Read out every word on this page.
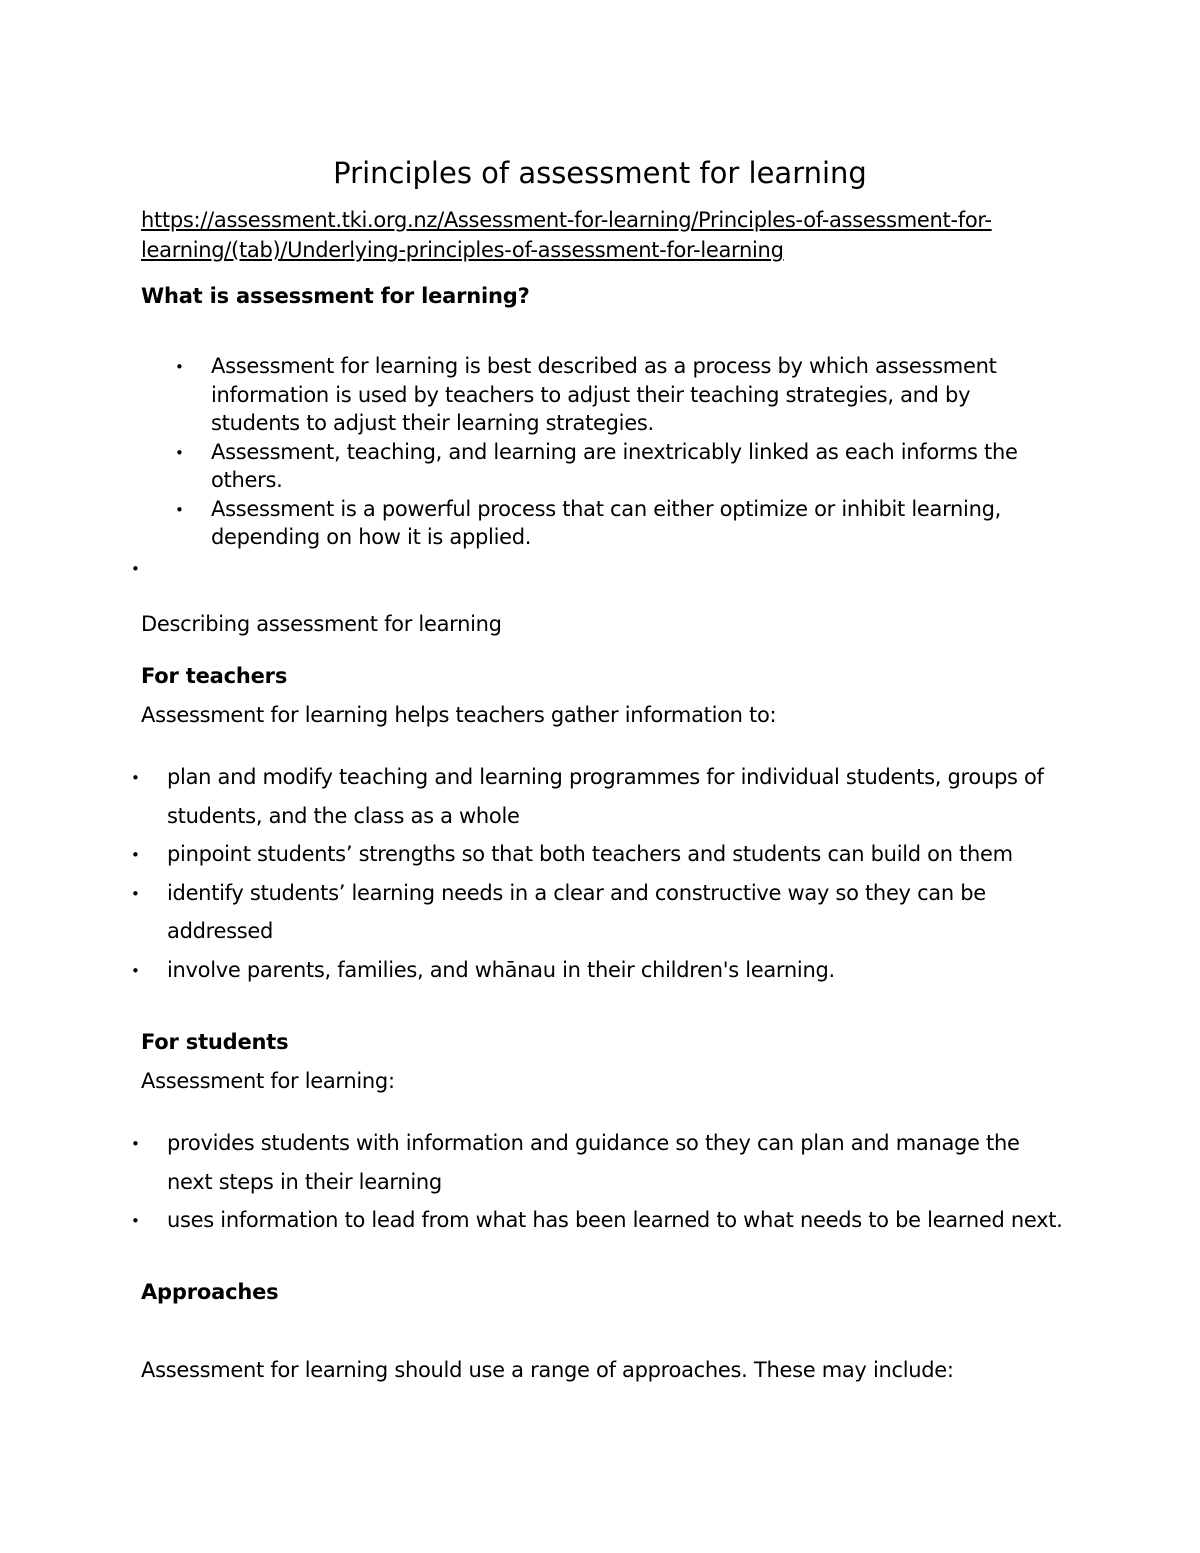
Principles of assessment for learning
https://assessment.tki.org.nz/Assessment-for-learning/Principles-of-assessment-for-learning/(tab)/Underlying-principles-of-assessment-for-learning
What is assessment for learning?
• Assessment for learning is best described as a process by which assessment information is used by teachers to adjust their teaching strategies, and by students to adjust their learning strategies.
• Assessment, teaching, and learning are inextricably linked as each informs the others.
• Assessment is a powerful process that can either optimize or inhibit learning, depending on how it is applied.
•
Describing assessment for learning
For teachers
Assessment for learning helps teachers gather information to:
• plan and modify teaching and learning programmes for individual students, groups of students, and the class as a whole
• pinpoint students’ strengths so that both teachers and students can build on them
• identify students’ learning needs in a clear and constructive way so they can be addressed
• involve parents, families, and whānau in their children's learning.
For students
Assessment for learning:
• provides students with information and guidance so they can plan and manage the next steps in their learning
• uses information to lead from what has been learned to what needs to be learned next.
Approaches
Assessment for learning should use a range of approaches. These may include:
